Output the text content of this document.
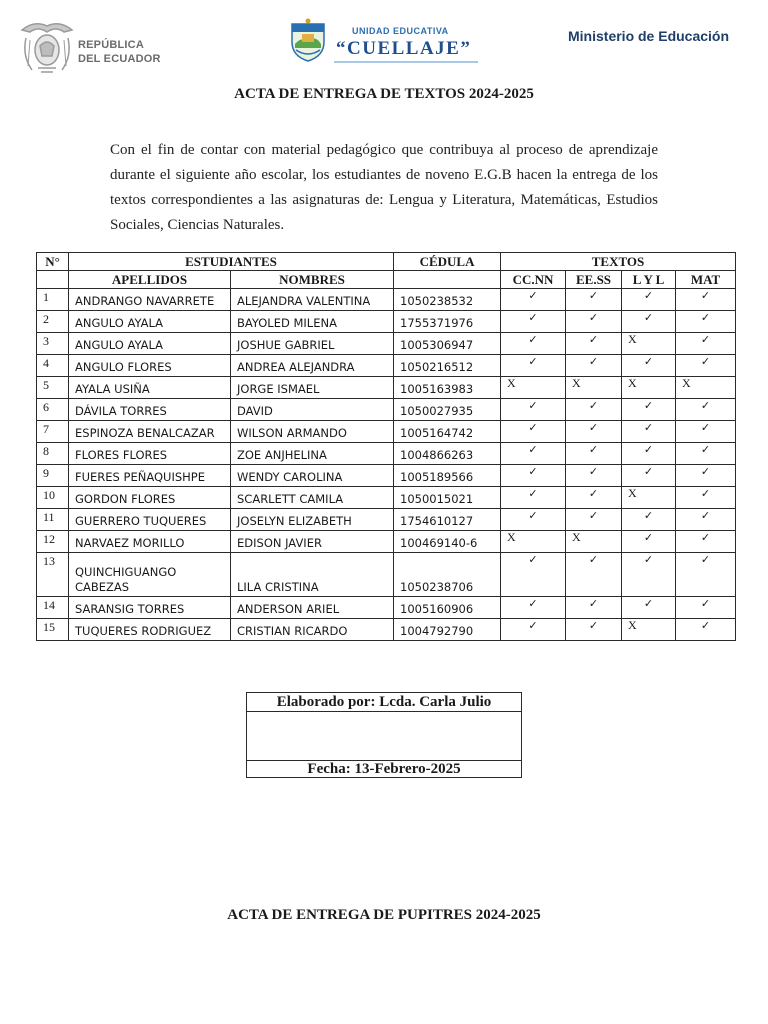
REPÚBLICA
DEL ECUADOR
UNIDAD EDUCATIVA
“CUELLAJE”
Ministerio de Educación
ACTA DE ENTREGA DE TEXTOS 2024-2025
Con el fin de contar con material pedagógico que contribuya al proceso de aprendizaje durante el siguiente año escolar, los estudiantes de noveno E.G.B hacen la entrega de los textos correspondientes a las asignaturas de: Lengua y Literatura, Matemáticas, Estudios Sociales, Ciencias Naturales.
N°	ESTUDIANTES		CÉDULA	TEXTOS			
	APELLIDOS	NOMBRES		CC.NN	EE.SS	L Y L	MAT
1	ANDRANGO NAVARRETE	ALEJANDRA VALENTINA	1050238532	✓	✓	✓	✓
2	ANGULO AYALA	BAYOLED MILENA	1755371976	✓	✓	✓	✓
3	ANGULO AYALA	JOSHUE GABRIEL	1005306947	✓	✓	X	✓
4	ANGULO FLORES	ANDREA ALEJANDRA	1050216512	✓	✓	✓	✓
5	AYALA USIÑA	JORGE ISMAEL	1005163983	X	X	X	X
6	DÁVILA TORRES	DAVID	1050027935	✓	✓	✓	✓
7	ESPINOZA BENALCAZAR	WILSON ARMANDO	1005164742	✓	✓	✓	✓
8	FLORES FLORES	ZOE ANJHELINA	1004866263	✓	✓	✓	✓
9	FUERES PEÑAQUISHPE	WENDY CAROLINA	1005189566	✓	✓	✓	✓
10	GORDON FLORES	SCARLETT CAMILA	1050015021	✓	✓	X	✓
11	GUERRERO TUQUERES	JOSELYN ELIZABETH	1754610127	✓	✓	✓	✓
12	NARVAEZ MORILLO	EDISON JAVIER	100469140-6	X	X	✓	✓
13	QUINCHIGUANGO CABEZAS	LILA CRISTINA	1050238706	✓	✓	✓	✓
14	SARANSIG TORRES	ANDERSON ARIEL	1005160906	✓	✓	✓	✓
15	TUQUERES RODRIGUEZ	CRISTIAN RICARDO	1004792790	✓	✓	X	✓
Elaborado por: Lcda. Carla Julio

Fecha: 13-Febrero-2025
ACTA DE ENTREGA DE PUPITRES 2024-2025
